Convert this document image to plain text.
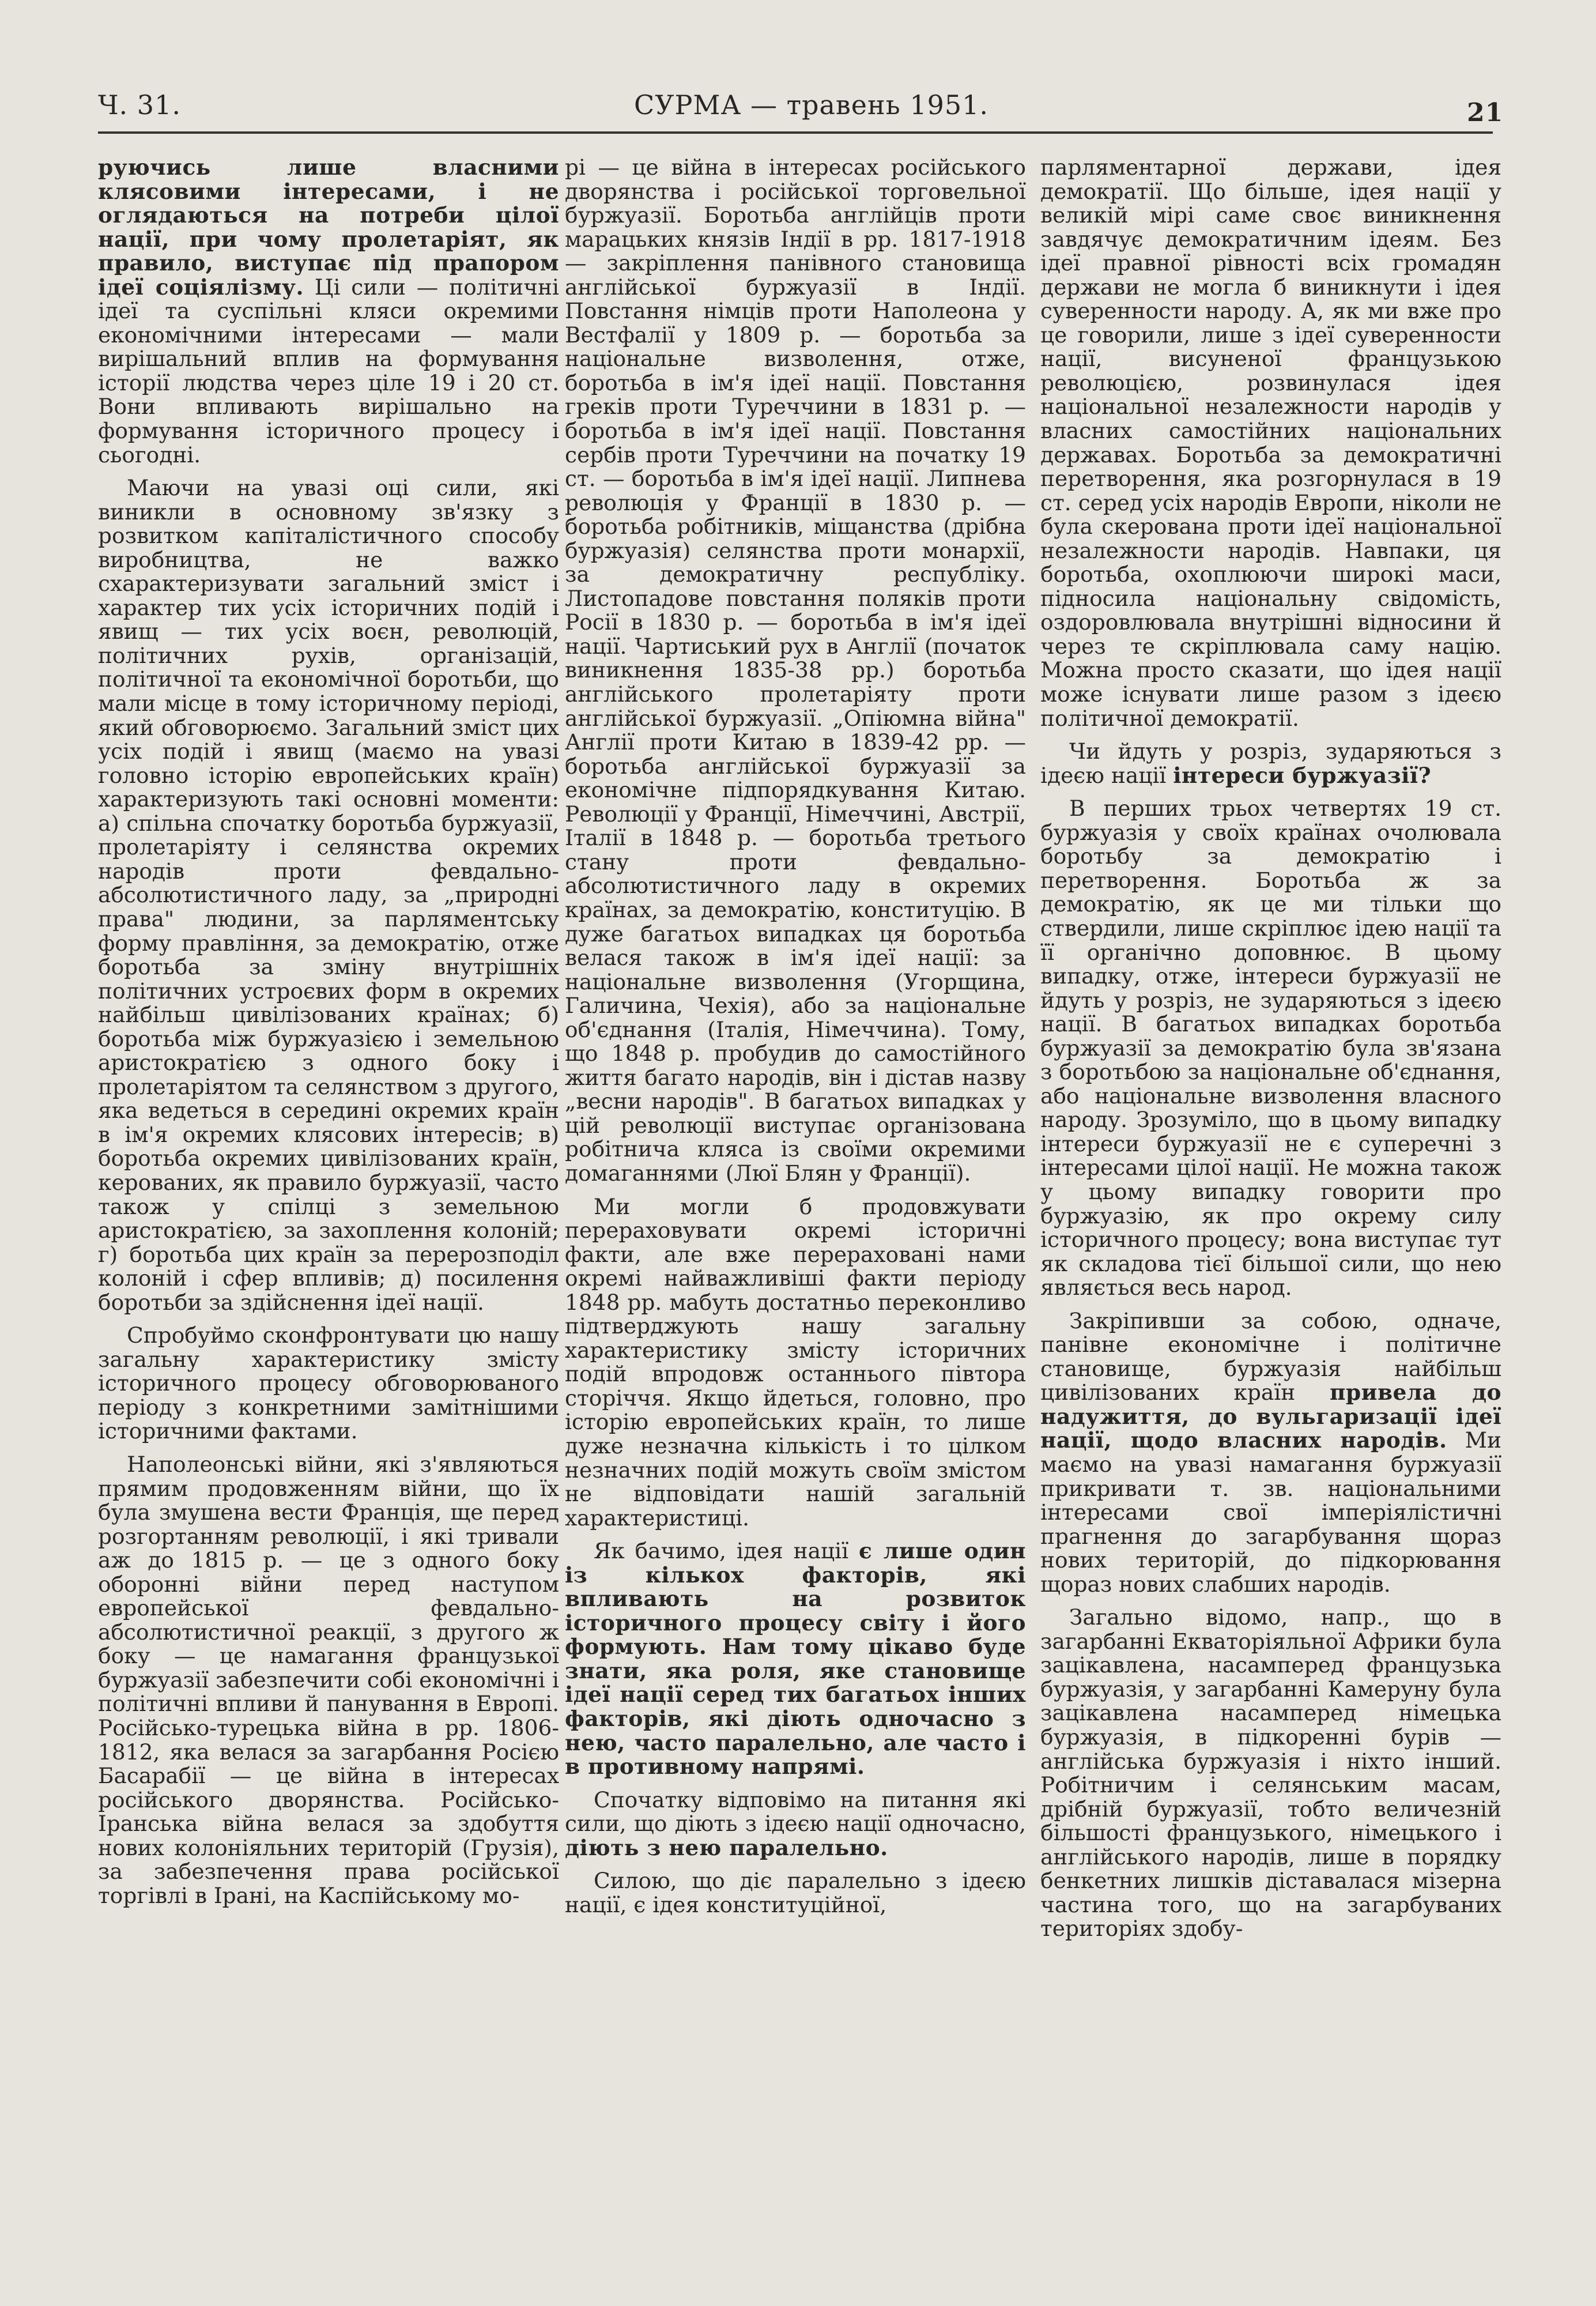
Ч. 31.	СУРМА — травень 1951.	21

руючись лише власними клясовими інтересами, і не оглядаються на потреби цілої нації, при чому пролетаріят, як правило, виступає під прапором ідеї соціялізму. Ці сили — політичні ідеї та суспільні кляси окремими економічними інтересами — мали вирішальний вплив на формування історії людства через ціле 19 і 20 ст. Вони впливають вирішально на формування історичного процесу і сьогодні.

Маючи на увазі оці сили, які виникли в основному зв'язку з розвитком капіталістичного способу виробництва, не важко схарактеризувати загальний зміст і характер тих усіх історичних подій і явищ — тих усіх воєн, революцій, політичних рухів, організацій, політичної та економічної боротьби, що мали місце в тому історичному періоді, який обговорюємо. Загальний зміст цих усіх подій і явищ (маємо на увазі головно історію европейських країн) характеризують такі основні моменти: а) спільна спочатку боротьба буржуазії, пролетаріяту і селянства окремих народів проти февдально-абсолютистичного ладу, за „природні права" людини, за парляментську форму правління, за демократію, отже боротьба за зміну внутрішніх політичних устроєвих форм в окремих найбільш цивілізованих країнах; б) боротьба між буржуазією і земельною аристократією з одного боку і пролетаріятом та селянством з другого, яка ведеться в середині окремих країн в ім'я окремих клясових інтересів; в) боротьба окремих цивілізованих країн, керованих, як правило буржуазії, часто також у спілці з земельною аристократією, за захоплення колоній; г) боротьба цих країн за перерозподіл колоній і сфер впливів; д) посилення боротьби за здійснення ідеї нації.

Спробуймо сконфронтувати цю нашу загальну характеристику змісту історичного процесу обговорюваного періоду з конкретними замітнішими історичними фактами.

Наполеонські війни, які з'являються прямим продовженням війни, що їх була змушена вести Франція, ще перед розгортанням революції, і які тривали аж до 1815 р. — це з одного боку оборонні війни перед наступом европейської февдально-абсолютистичної реакції, з другого ж боку — це намагання французької буржуазії забезпечити собі економічні і політичні впливи й панування в Европі. Російсько-турецька війна в рр. 1806-1812, яка велася за загарбання Росією Басарабії — це війна в інтересах російського дворянства. Російсько-Іранська війна велася за здобуття нових колоніяльних територій (Грузія), за забезпечення права російської торгівлі в Ірані, на Каспійському мо-

рі — це війна в інтересах російського дворянства і російської торговельної буржуазії. Боротьба англійців проти марацьких князів Індії в рр. 1817-1918 — закріплення панівного становища англійської буржуазії в Індії. Повстання німців проти Наполеона у Вестфалії у 1809 р. — боротьба за національне визволення, отже, боротьба в ім'я ідеї нації. Повстання греків проти Туреччини в 1831 р. — боротьба в ім'я ідеї нації. Повстання сербів проти Туреччини на початку 19 ст. — боротьба в ім'я ідеї нації. Липнева революція у Франції в 1830 р. — боротьба робітників, міщанства (дрібна буржуазія) селянства проти монархії, за демократичну республіку. Листопадове повстання поляків проти Росії в 1830 р. — боротьба в ім'я ідеї нації. Чартиський рух в Англії (початок виникнення 1835-38 рр.) боротьба англійського пролетаріяту проти англійської буржуазії. „Опіюмна війна" Англії проти Китаю в 1839-42 рр. — боротьба англійської буржуазії за економічне підпорядкування Китаю. Революції у Франції, Німеччині, Австрії, Італії в 1848 р. — боротьба третього стану проти февдально-абсолютистичного ладу в окремих країнах, за демократію, конституцію. В дуже багатьох випадках ця боротьба велася також в ім'я ідеї нації: за національне визволення (Угорщина, Галичина, Чехія), або за національне об'єднання (Італія, Німеччина). Тому, що 1848 р. пробудив до самостійного життя багато народів, він і дістав назву „весни народів". В багатьох випадках у цій революції виступає організована робітнича кляса із своїми окремими домаганнями (Люї Блян у Франції).

Ми могли б продовжувати перераховувати окремі історичні факти, але вже перераховані нами окремі найважливіші факти періоду 1848 рр. мабуть достатньо переконливо підтверджують нашу загальну характеристику змісту історичних подій впродовж останнього півтора сторіччя. Якщо йдеться, головно, про історію европейських країн, то лише дуже незначна кількість і то цілком незначних подій можуть своїм змістом не відповідати нашій загальній характеристиці.

Як бачимо, ідея нації є лише один із кількох факторів, які впливають на розвиток історичного процесу світу і його формують. Нам тому цікаво буде знати, яка роля, яке становище ідеї нації серед тих багатьох інших факторів, які діють одночасно з нею, часто паралельно, але часто і в противному напрямі.

Спочатку відповімо на питання які сили, що діють з ідеєю нації одночасно, діють з нею паралельно.

Силою, що діє паралельно з ідеєю нації, є ідея конституційної,

парляментарної держави, ідея демократії. Що більше, ідея нації у великій мірі саме своє виникнення завдячує демократичним ідеям. Без ідеї правної рівності всіх громадян держави не могла б виникнути і ідея суверенности народу. А, як ми вже про це говорили, лише з ідеї суверенности нації, висуненої французькою революцією, розвинулася ідея національної незалежности народів у власних самостійних національних державах. Боротьба за демократичні перетворення, яка розгорнулася в 19 ст. серед усіх народів Европи, ніколи не була скерована проти ідеї національної незалежности народів. Навпаки, ця боротьба, охоплюючи широкі маси, підносила національну свідомість, оздоровлювала внутрішні відносини й через те скріплювала саму націю. Можна просто сказати, що ідея нації може існувати лише разом з ідеєю політичної демократії.

Чи йдуть у розріз, зударяються з ідеєю нації інтереси буржуазії?

В перших трьох четвертях 19 ст. буржуазія у своїх країнах очолювала боротьбу за демократію і перетворення. Боротьба ж за демократію, як це ми тільки що ствердили, лише скріплює ідею нації та її органічно доповнює. В цьому випадку, отже, інтереси буржуазії не йдуть у розріз, не зударяються з ідеєю нації. В багатьох випадках боротьба буржуазії за демократію була зв'язана з боротьбою за національне об'єднання, або національне визволення власного народу. Зрозуміло, що в цьому випадку інтереси буржуазії не є суперечні з інтересами цілої нації. Не можна також у цьому випадку говорити про буржуазію, як про окрему силу історичного процесу; вона виступає тут як складова тієї більшої сили, що нею являється весь народ.

Закріпивши за собою, одначе, панівне економічне і політичне становище, буржуазія найбільш цивілізованих країн привела до надужиття, до вульгаризації ідеї нації, щодо власних народів. Ми маємо на увазі намагання буржуазії прикривати т. зв. національними інтересами свої імперіялістичні прагнення до загарбування щораз нових територій, до підкорювання щораз нових слабших народів.

Загально відомо, напр., що в загарбанні Екваторіяльної Африки була зацікавлена, насамперед французька буржуазія, у загарбанні Камеруну була зацікавлена насамперед німецька буржуазія, в підкоренні бурів — англійська буржуазія і ніхто інший. Робітничим і селянським масам, дрібній буржуазії, тобто величезній більшості французького, німецького і англійського народів, лише в порядку бенкетних лишків діставалася мізерна частина того, що на загарбуваних територіях здобу-
